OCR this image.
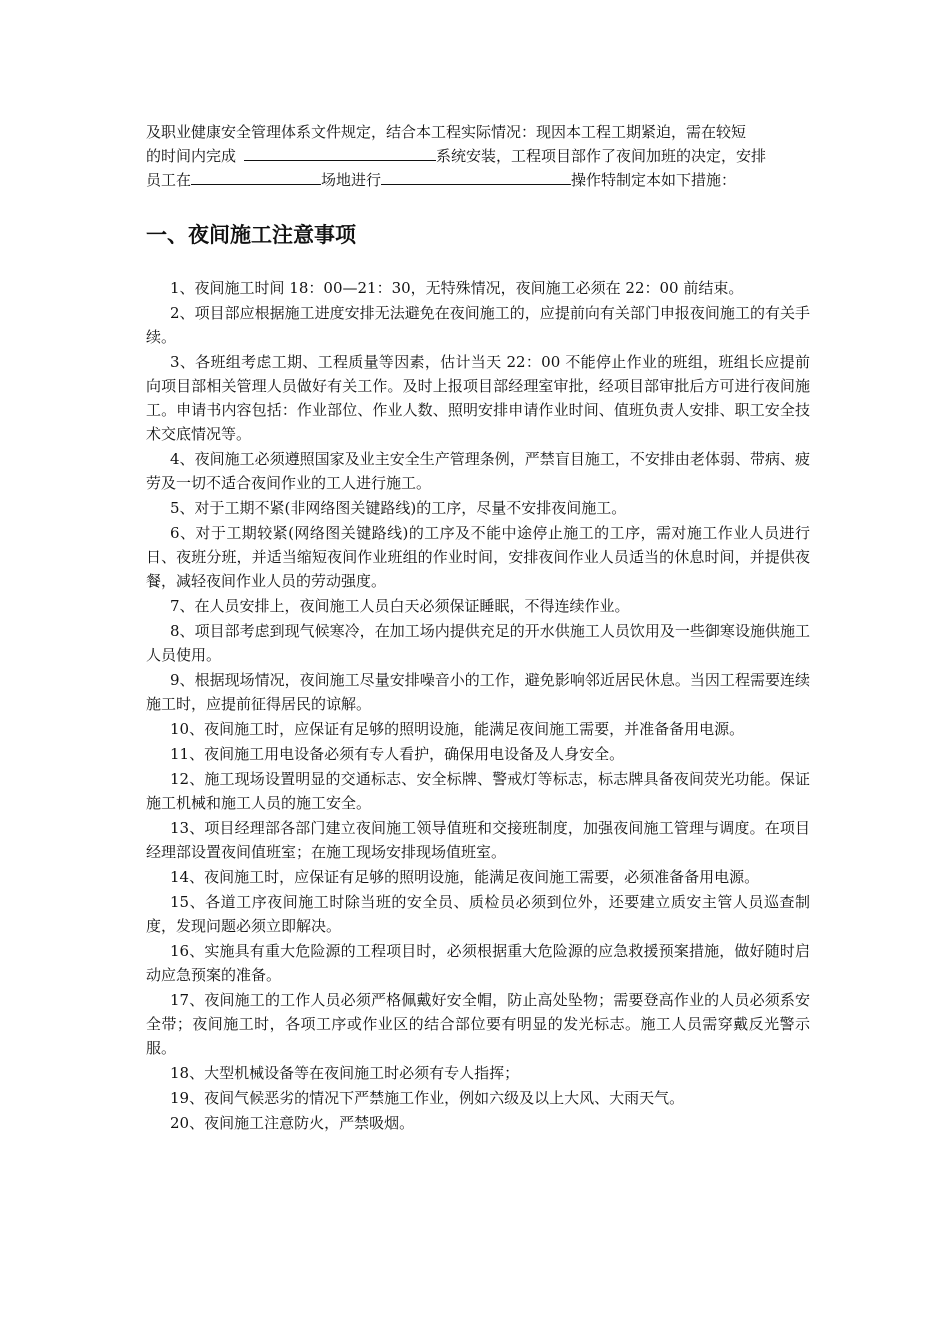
及职业健康安全管理体系文件规定，结合本工程实际情况：现因本工程工期紧迫，需在较短
的时间内完成	系统安装，工程项目部作了夜间加班的决定，安排
员工在	场地进行	操作特制定本如下措施：
一、夜间施工注意事项

1、夜间施工时间 18：00—21：30，无特殊情况，夜间施工必须在 22：00 前结束。

2、项目部应根据施工进度安排无法避免在夜间施工的，应提前向有关部门申报夜间施工的有关手续。

3、各班组考虑工期、工程质量等因素，估计当天 22：00 不能停止作业的班组，班组长应提前向项目部相关管理人员做好有关工作。及时上报项目部经理室审批，经项目部审批后方可进行夜间施工。申请书内容包括：作业部位、作业人数、照明安排申请作业时间、值班负责人安排、职工安全技术交底情况等。

4、夜间施工必须遵照国家及业主安全生产管理条例，严禁盲目施工，不安排由老体弱、带病、疲劳及一切不适合夜间作业的工人进行施工。

5、对于工期不紧(非网络图关键路线)的工序，尽量不安排夜间施工。

6、对于工期较紧(网络图关键路线)的工序及不能中途停止施工的工序，需对施工作业人员进行日、夜班分班，并适当缩短夜间作业班组的作业时间，安排夜间作业人员适当的休息时间，并提供夜餐，减轻夜间作业人员的劳动强度。

7、在人员安排上，夜间施工人员白天必须保证睡眠，不得连续作业。

8、项目部考虑到现气候寒冷，在加工场内提供充足的开水供施工人员饮用及一些御寒设施供施工人员使用。

9、根据现场情况，夜间施工尽量安排噪音小的工作，避免影响邻近居民休息。当因工程需要连续施工时，应提前征得居民的谅解。

10、夜间施工时，应保证有足够的照明设施，能满足夜间施工需要，并准备备用电源。

11、夜间施工用电设备必须有专人看护，确保用电设备及人身安全。

12、施工现场设置明显的交通标志、安全标牌、警戒灯等标志，标志牌具备夜间荧光功能。保证施工机械和施工人员的施工安全。

13、项目经理部各部门建立夜间施工领导值班和交接班制度，加强夜间施工管理与调度。在项目经理部设置夜间值班室；在施工现场安排现场值班室。

14、夜间施工时，应保证有足够的照明设施，能满足夜间施工需要，必须准备备用电源。

15、各道工序夜间施工时除当班的安全员、质检员必须到位外，还要建立质安主管人员巡查制度，发现问题必须立即解决。

16、实施具有重大危险源的工程项目时，必须根据重大危险源的应急救援预案措施，做好随时启动应急预案的准备。

17、夜间施工的工作人员必须严格佩戴好安全帽，防止高处坠物；需要登高作业的人员必须系安全带；夜间施工时，各项工序或作业区的结合部位要有明显的发光标志。施工人员需穿戴反光警示服。

18、大型机械设备等在夜间施工时必须有专人指挥；

19、夜间气候恶劣的情况下严禁施工作业，例如六级及以上大风、大雨天气。

20、夜间施工注意防火，严禁吸烟。
